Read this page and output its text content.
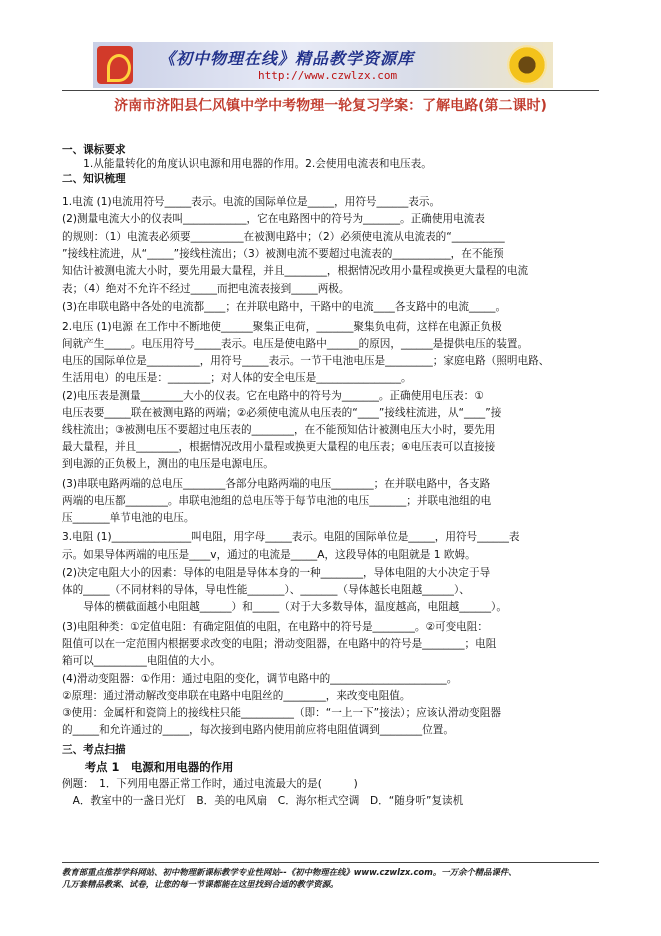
《初中物理在线》精品教学资源库
http://www.czwlzx.com
济南市济阳县仁风镇中学中考物理一轮复习学案：了解电路(第二课时)
一、课标要求
　　1.从能量转化的角度认识电源和用电器的作用。2.会使用电流表和电压表。
二、知识梳理
1.电流 (1)电流用符号_____表示。电流的国际单位是_____，用符号______表示。
(2)测量电流大小的仪表叫____________，它在电路图中的符号为_______。正确使用电流表
的规则：（1）电流表必须要__________在被测电路中；（2）必须使电流从电流表的“__________
”接线柱流进，从“_____”接线柱流出；（3）被测电流不要超过电流表的___________，在不能预
知估计被测电流大小时，要先用最大量程，并且________，根据情况改用小量程或换更大量程的电流
表；（4）绝对不允许不经过_____而把电流表接到_____两极。
(3)在串联电路中各处的电流都____；在并联电路中，干路中的电流____各支路中的电流_____。
2.电压 (1)电源 在工作中不断地使______聚集正电荷，_______聚集负电荷，这样在电源正负极
间就产生_____。电压用符号_____表示。电压是使电路中______的原因，______是提供电压的装置。
电压的国际单位是__________，用符号_____表示。一节干电池电压是_________；家庭电路（照明电路、
生活用电）的电压是：________；对人体的安全电压是________________。
(2)电压表是测量________大小的仪表。它在电路中的符号为_______。正确使用电压表：①
电压表要_____联在被测电路的两端；②必须使电流从电压表的“____”接线柱流进，从“____”接
线柱流出；③被测电压不要超过电压表的________，在不能预知估计被测电压大小时，要先用
最大量程，并且________，根据情况改用小量程或换更大量程的电压表；④电压表可以直接接
到电源的正负极上，测出的电压是电源电压。
(3)串联电路两端的总电压________各部分电路两端的电压________；在并联电路中，各支路
两端的电压都________。串联电池组的总电压等于每节电池的电压_______；并联电池组的电
压_______单节电池的电压。
3.电阻 (1)_______________叫电阻，用字母_____表示。电阻的国际单位是_____，用符号______表
示。如果导体两端的电压是____v，通过的电流是_____A，这段导体的电阻就是 1 欧姆。
(2)决定电阻大小的因素：导体的电阻是导体本身的一种________，导体电阻的大小决定于导
体的_____（不同材料的导体，导电性能_______）、_______（导体越长电阻越______）、
　　导体的横截面越小电阻越______）和_____（对于大多数导体，温度越高，电阻越______）。
(3)电阻种类：①定值电阻：有确定阻值的电阻，在电路中的符号是________。②可变电阻：
阻值可以在一定范围内根据要求改变的电阻；滑动变阻器，在电路中的符号是________；电阻
箱可以__________电阻值的大小。
(4)滑动变阻器：①作用：通过电阻的变化，调节电路中的______________________。
②原理：通过滑动解改变串联在电路中电阻丝的________，来改变电阻值。
③使用：金属杆和瓷筒上的接线柱只能__________（即：“一上一下”接法）；应该认滑动变阻器
的_____和允许通过的_____，每次接到电路内使用前应将电阻值调到________位置。
三、考点扫描
　　考点 1　电源和用电器的作用
例题：　1．下列用电器正常工作时，通过电流最大的是(　　　)
　A．教室中的一盏日光灯　B．美的电风扇　C．海尔柜式空调　D．“随身听”复读机
教育部重点推荐学科网站、初中物理新课标教学专业性网站--《初中物理在线》www.czwlzx.com。一万余个精品课件、
几万套精品教案、试卷，让您的每一节课都能在这里找到合适的教学资源。
